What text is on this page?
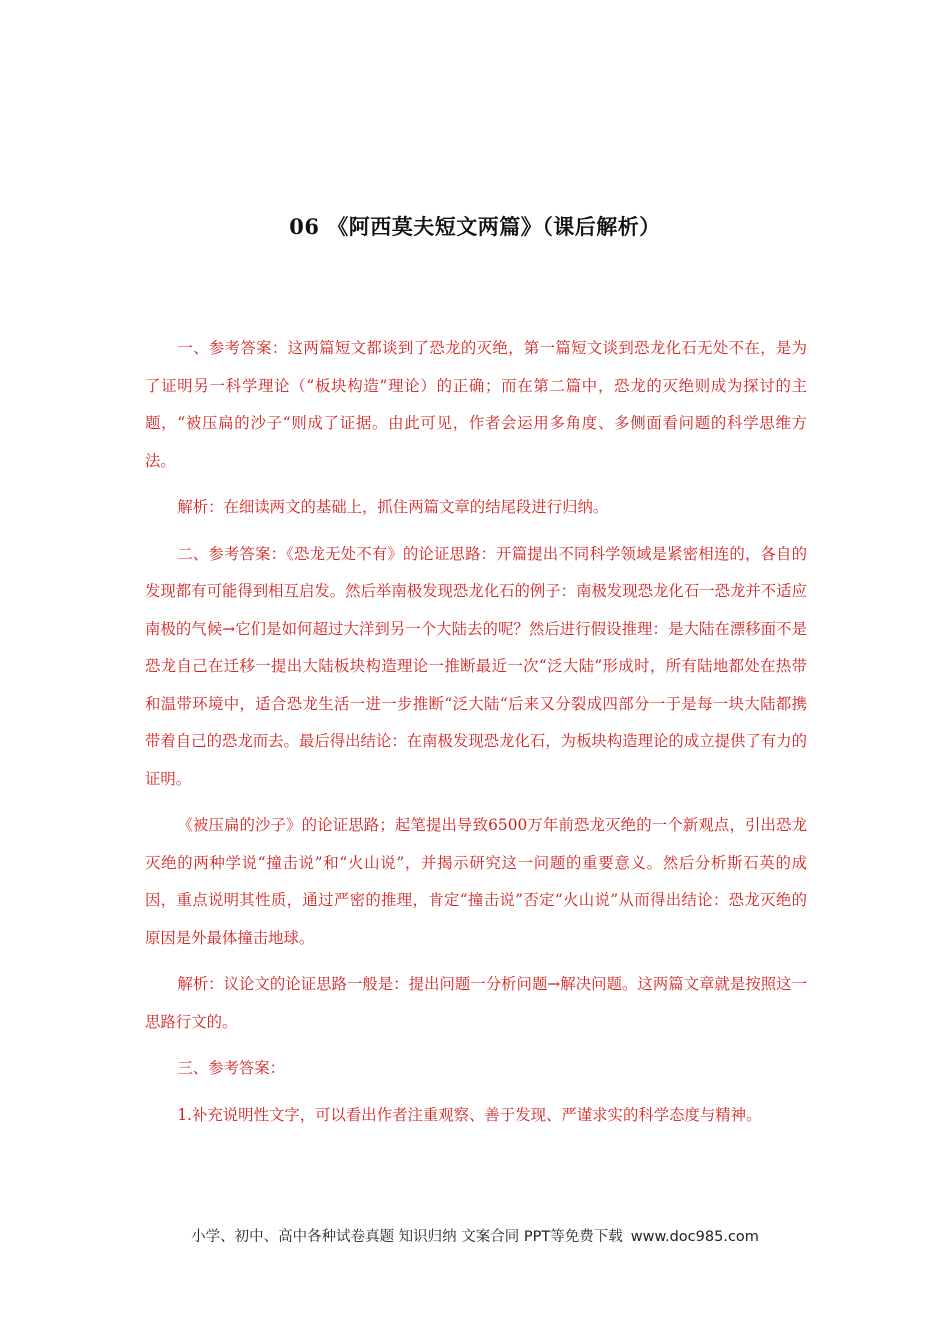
06 《阿西莫夫短文两篇》（课后解析）

一、参考答案：这两篇短文都谈到了恐龙的灭绝，第一篇短文谈到恐龙化石无处不在，是为了证明另一科学理论（“板块构造”理论）的正确；而在第二篇中，恐龙的灭绝则成为探讨的主题，“被压扁的沙子“则成了证据。由此可见，作者会运用多角度、多侧面看问题的科学思维方法。

解析：在细读两文的基础上，抓住两篇文章的结尾段进行归纳。

二、参考答案：《恐龙无处不有》的论证思路：开篇提出不同科学领域是紧密相连的，各自的发现都有可能得到相互启发。然后举南极发现恐龙化石的例子：南极发现恐龙化石一恐龙并不适应南极的气候→它们是如何超过大洋到另一个大陆去的呢？然后进行假设推理：是大陆在漂移面不是恐龙自己在迁移一提出大陆板块构造理论一推断最近一次“泛大陆”形成时，所有陆地都处在热带和温带环境中，适合恐龙生活一进一步推断“泛大陆“后来又分裂成四部分一于是每一块大陆都携带着自己的恐龙而去。最后得出结论：在南极发现恐龙化石，为板块构造理论的成立提供了有力的证明。

《被压扁的沙子》的论证思路；起笔提出导致6500万年前恐龙灭绝的一个新观点，引出恐龙灭绝的两种学说“撞击说”和“火山说”，并揭示研究这一问题的重要意义。然后分析斯石英的成因，重点说明其性质，通过严密的推理，肯定“撞击说”否定“火山说”从而得出结论：恐龙灭绝的原因是外最体撞击地球。

解析：议论文的论证思路一般是：提出问题一分析问题→解决问题。这两篇文章就是按照这一思路行文的。

三、参考答案：

1.补充说明性文字，可以看出作者注重观察、善于发现、严谨求实的科学态度与精神。

小学、初中、高中各种试卷真题 知识归纳 文案合同 PPT等免费下载 www.doc985.com
